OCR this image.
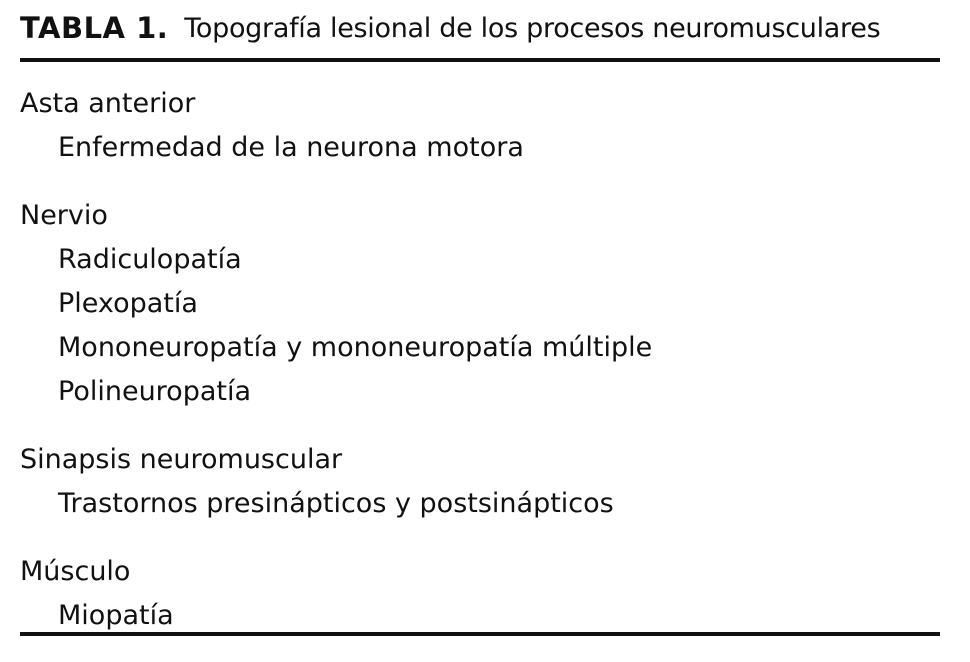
TABLA 1. Topografía lesional de los procesos neuromusculares
Asta anterior
Enfermedad de la neurona motora
Nervio
Radiculopatía
Plexopatía
Mononeuropatía y mononeuropatía múltiple
Polineuropatía
Sinapsis neuromuscular
Trastornos presinápticos y postsinápticos
Músculo
Miopatía
